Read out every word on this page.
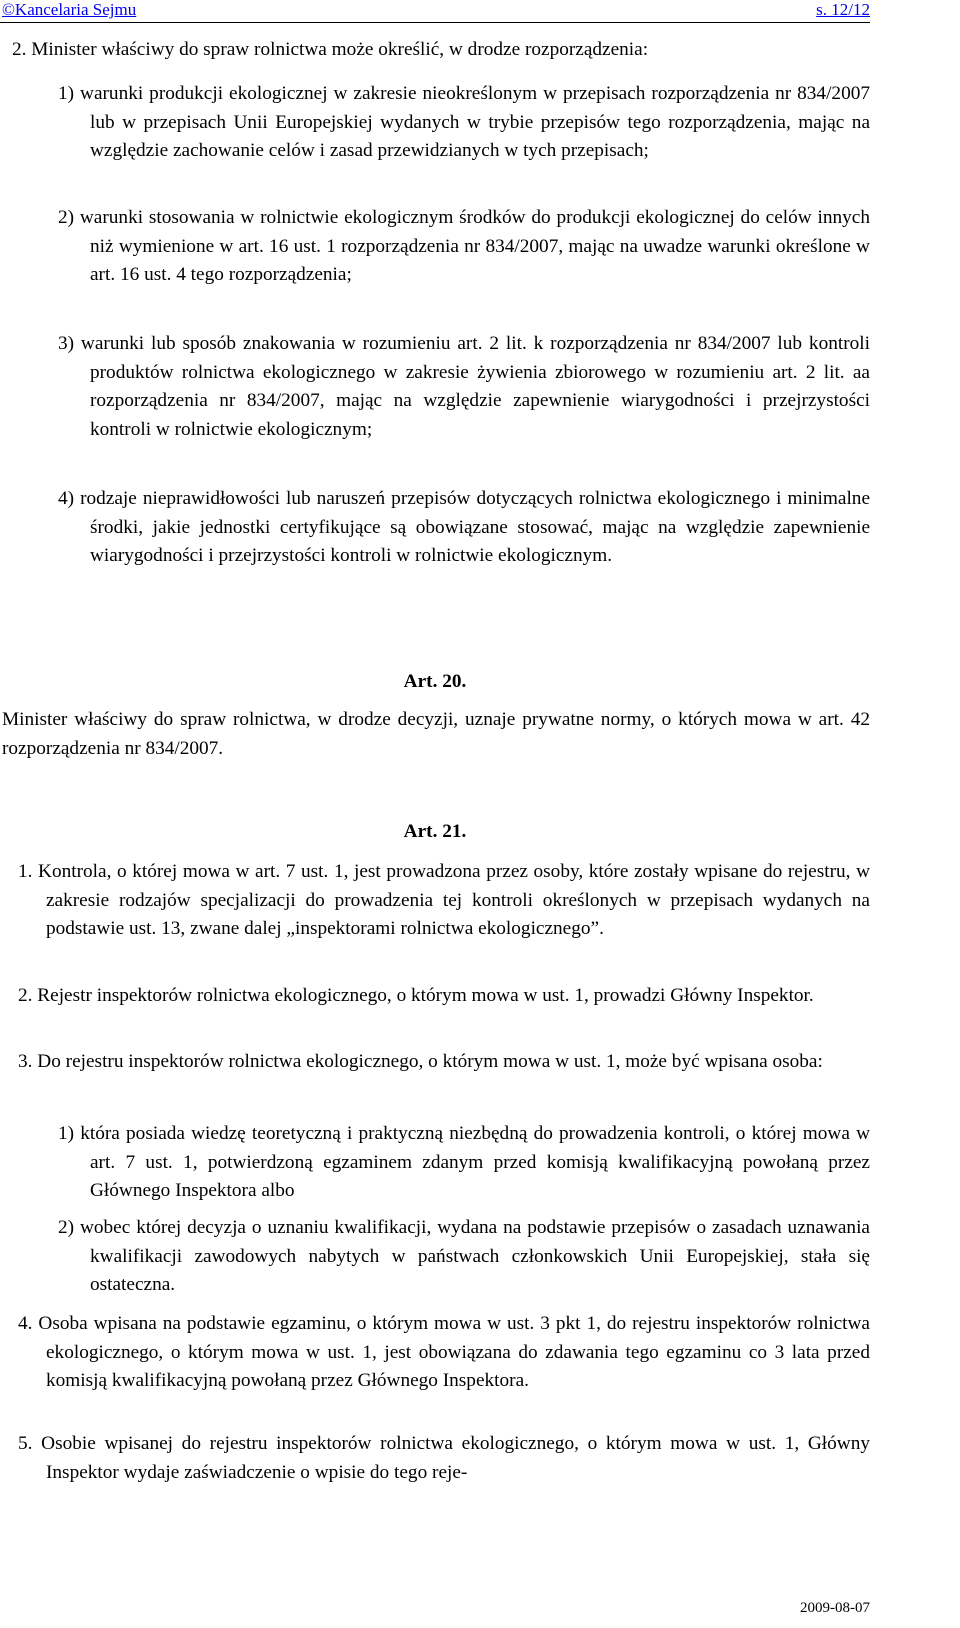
©Kancelaria Sejmu	s. 12/12

2. Minister właściwy do spraw rolnictwa może określić, w drodze rozporządzenia:

1) warunki produkcji ekologicznej w zakresie nieokreślonym w przepisach rozporządzenia nr 834/2007 lub w przepisach Unii Europejskiej wydanych w trybie przepisów tego rozporządzenia, mając na względzie zachowanie celów i zasad przewidzianych w tych przepisach;

2) warunki stosowania w rolnictwie ekologicznym środków do produkcji ekologicznej do celów innych niż wymienione w art. 16 ust. 1 rozporządzenia nr 834/2007, mając na uwadze warunki określone w art. 16 ust. 4 tego rozporządzenia;

3) warunki lub sposób znakowania w rozumieniu art. 2 lit. k rozporządzenia nr 834/2007 lub kontroli produktów rolnictwa ekologicznego w zakresie żywienia zbiorowego w rozumieniu art. 2 lit. aa rozporządzenia nr 834/2007, mając na względzie zapewnienie wiarygodności i przejrzystości kontroli w rolnictwie ekologicznym;

4) rodzaje nieprawidłowości lub naruszeń przepisów dotyczących rolnictwa ekologicznego i minimalne środki, jakie jednostki certyfikujące są obowiązane stosować, mając na względzie zapewnienie wiarygodności i przejrzystości kontroli w rolnictwie ekologicznym.

Art. 20.

Minister właściwy do spraw rolnictwa, w drodze decyzji, uznaje prywatne normy, o których mowa w art. 42 rozporządzenia nr 834/2007.

Art. 21.

1. Kontrola, o której mowa w art. 7 ust. 1, jest prowadzona przez osoby, które zostały wpisane do rejestru, w zakresie rodzajów specjalizacji do prowadzenia tej kontroli określonych w przepisach wydanych na podstawie ust. 13, zwane dalej „inspektorami rolnictwa ekologicznego”.

2. Rejestr inspektorów rolnictwa ekologicznego, o którym mowa w ust. 1, prowadzi Główny Inspektor.

3. Do rejestru inspektorów rolnictwa ekologicznego, o którym mowa w ust. 1, może być wpisana osoba:

1) która posiada wiedzę teoretyczną i praktyczną niezbędną do prowadzenia kontroli, o której mowa w art. 7 ust. 1, potwierdzoną egzaminem zdanym przed komisją kwalifikacyjną powołaną przez Głównego Inspektora albo

2) wobec której decyzja o uznaniu kwalifikacji, wydana na podstawie przepisów o zasadach uznawania kwalifikacji zawodowych nabytych w państwach członkowskich Unii Europejskiej, stała się ostateczna.

4. Osoba wpisana na podstawie egzaminu, o którym mowa w ust. 3 pkt 1, do rejestru inspektorów rolnictwa ekologicznego, o którym mowa w ust. 1, jest obowiązana do zdawania tego egzaminu co 3 lata przed komisją kwalifikacyjną powołaną przez Głównego Inspektora.

5. Osobie wpisanej do rejestru inspektorów rolnictwa ekologicznego, o którym mowa w ust. 1, Główny Inspektor wydaje zaświadczenie o wpisie do tego reje-

2009-08-07
